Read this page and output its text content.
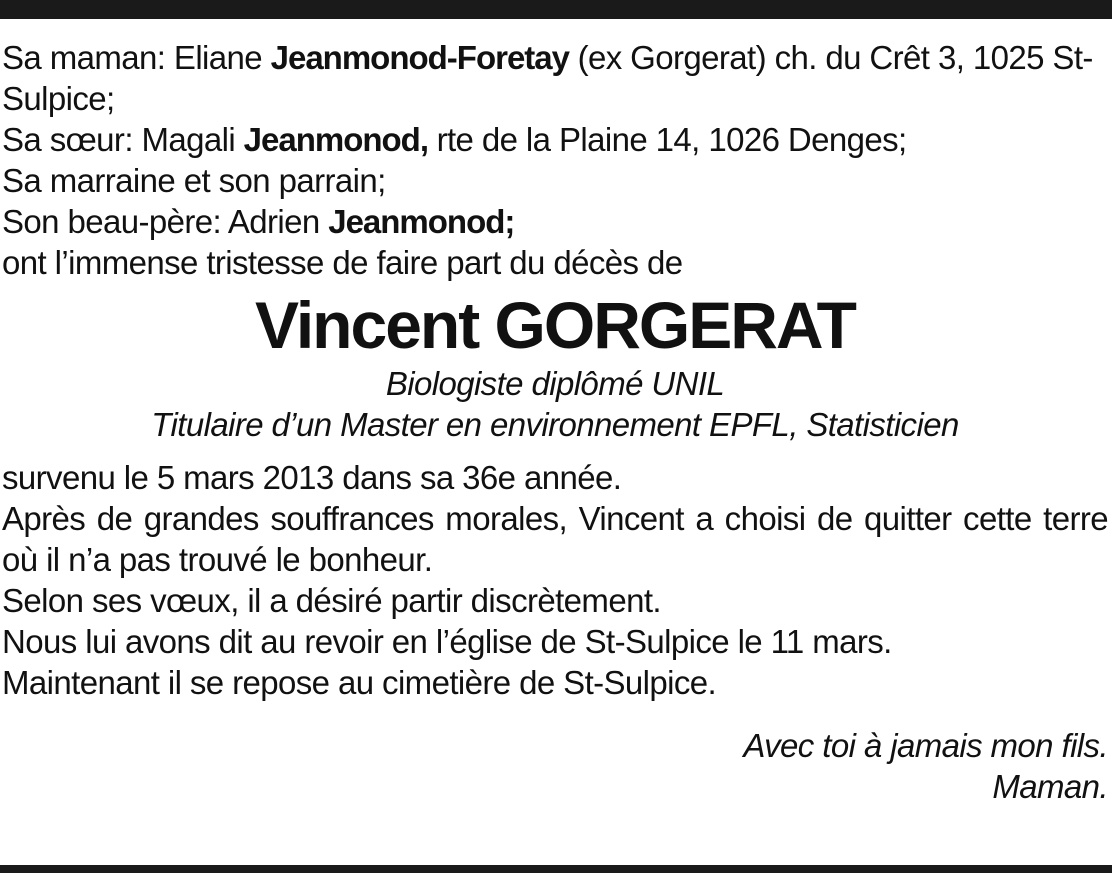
Sa maman: Eliane Jeanmonod-Foretay (ex Gorgerat) ch. du Crêt 3, 1025 St-Sulpice;
Sa sœur: Magali Jeanmonod, rte de la Plaine 14, 1026 Denges;
Sa marraine et son parrain;
Son beau-père: Adrien Jeanmonod;
ont l’immense tristesse de faire part du décès de
Vincent GORGERAT
Biologiste diplômé UNIL
Titulaire d’un Master en environnement EPFL, Statisticien
survenu le 5 mars 2013 dans sa 36e année.
Après de grandes souffrances morales, Vincent a choisi de quitter cette terre où il n’a pas trouvé le bonheur.
Selon ses vœux, il a désiré partir discrètement.
Nous lui avons dit au revoir en l’église de St-Sulpice le 11 mars.
Maintenant il se repose au cimetière de St-Sulpice.
Avec toi à jamais mon fils.
Maman.
